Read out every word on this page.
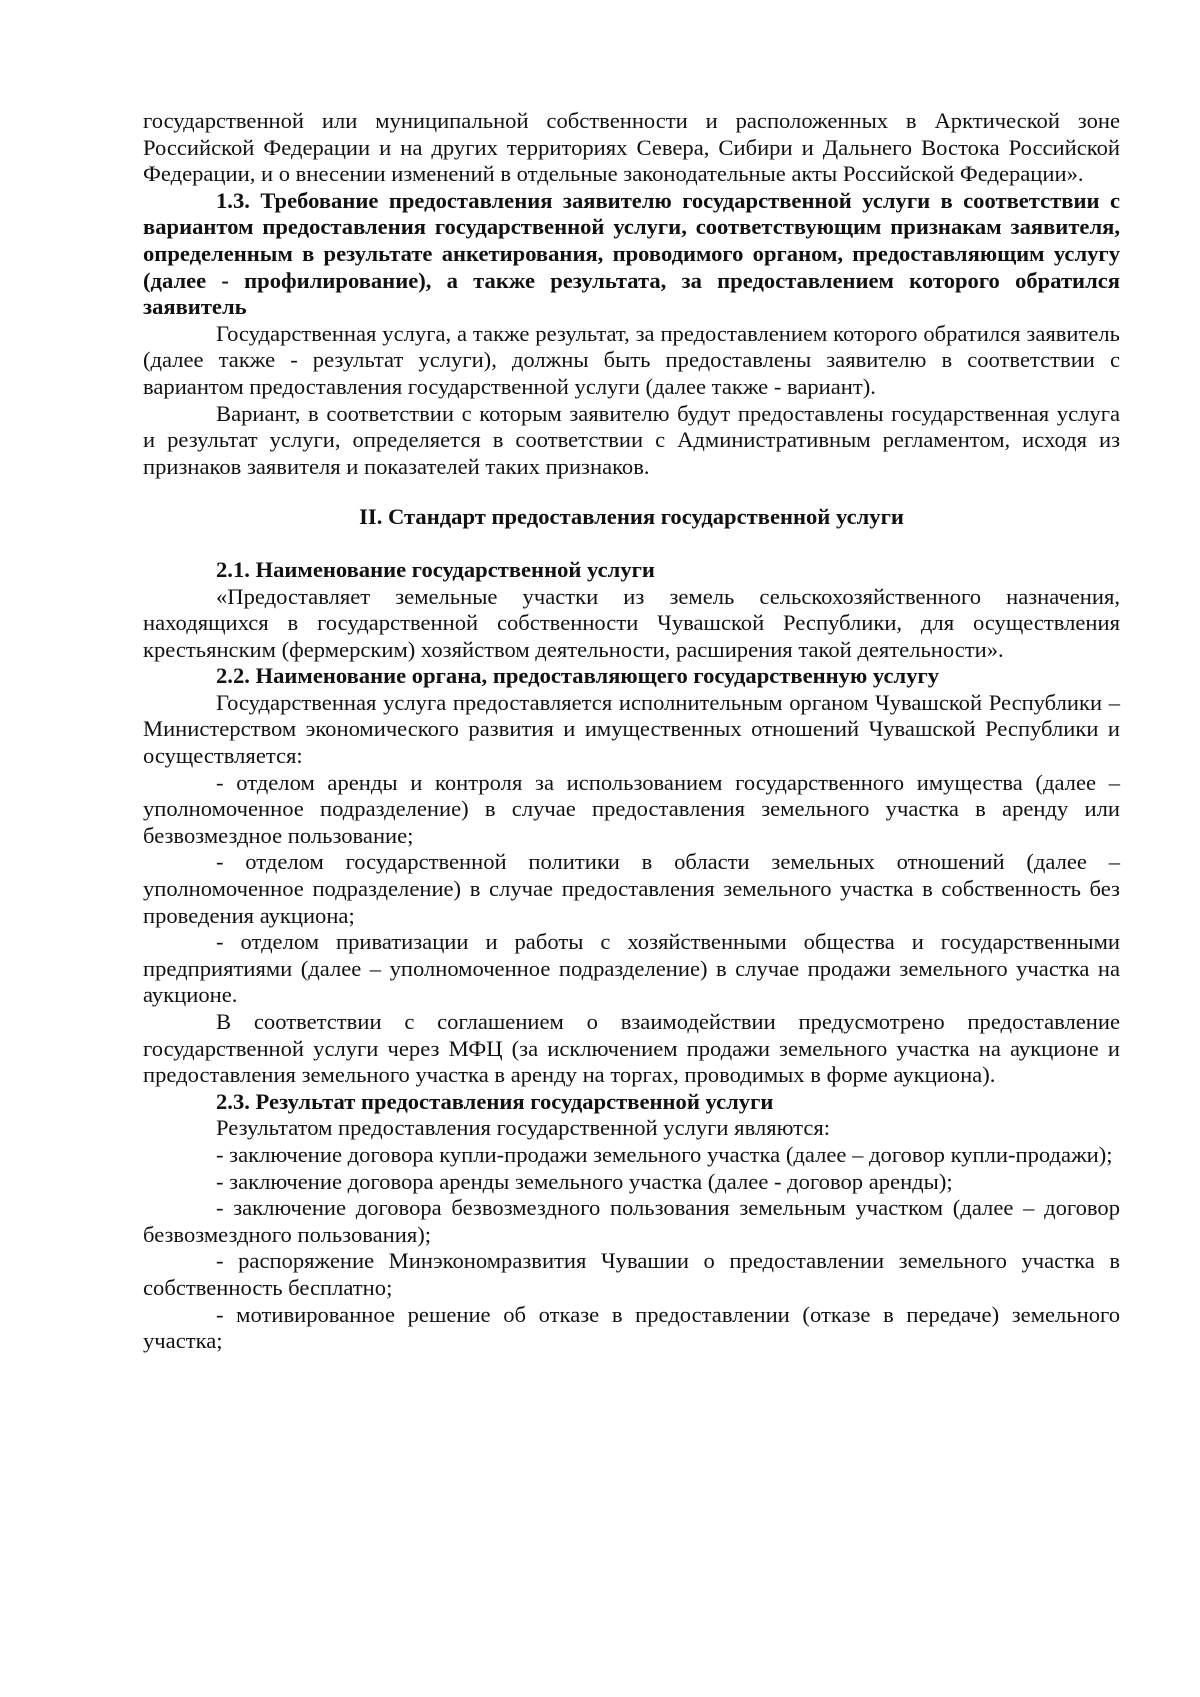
государственной или муниципальной собственности и расположенных в Арктической зоне Российской Федерации и на других территориях Севера, Сибири и Дальнего Востока Российской Федерации, и о внесении изменений в отдельные законодательные акты Российской Федерации».

1.3. Требование предоставления заявителю государственной услуги в соответствии с вариантом предоставления государственной услуги, соответствующим признакам заявителя, определенным в результате анкетирования, проводимого органом, предоставляющим услугу (далее - профилирование), а также результата, за предоставлением которого обратился заявитель

Государственная услуга, а также результат, за предоставлением которого обратился заявитель (далее также - результат услуги), должны быть предоставлены заявителю в соответствии с вариантом предоставления государственной услуги (далее также - вариант).

Вариант, в соответствии с которым заявителю будут предоставлены государственная услуга и результат услуги, определяется в соответствии с Административным регламентом, исходя из признаков заявителя и показателей таких признаков.

II. Стандарт предоставления государственной услуги

2.1. Наименование государственной услуги

«Предоставляет земельные участки из земель сельскохозяйственного назначения, находящихся в государственной собственности Чувашской Республики, для осуществления крестьянским (фермерским) хозяйством деятельности, расширения такой деятельности».

2.2. Наименование органа, предоставляющего государственную услугу

Государственная услуга предоставляется исполнительным органом Чувашской Республики – Министерством экономического развития и имущественных отношений Чувашской Республики и осуществляется:

- отделом аренды и контроля за использованием государственного имущества (далее – уполномоченное подразделение) в случае предоставления земельного участка в аренду или безвозмездное пользование;

- отделом государственной политики в области земельных отношений (далее – уполномоченное подразделение) в случае предоставления земельного участка в собственность без проведения аукциона;

- отделом приватизации и работы с хозяйственными общества и государственными предприятиями (далее – уполномоченное подразделение) в случае продажи земельного участка на аукционе.

В соответствии с соглашением о взаимодействии предусмотрено предоставление государственной услуги через МФЦ (за исключением продажи земельного участка на аукционе и предоставления земельного участка в аренду на торгах, проводимых в форме аукциона).

2.3. Результат предоставления государственной услуги

Результатом предоставления государственной услуги являются:

- заключение договора купли-продажи земельного участка (далее – договор купли-продажи);

- заключение договора аренды земельного участка (далее - договор аренды);

- заключение договора безвозмездного пользования земельным участком (далее – договор безвозмездного пользования);

- распоряжение Минэкономразвития Чувашии о предоставлении земельного участка в собственность бесплатно;

- мотивированное решение об отказе в предоставлении (отказе в передаче) земельного участка;
